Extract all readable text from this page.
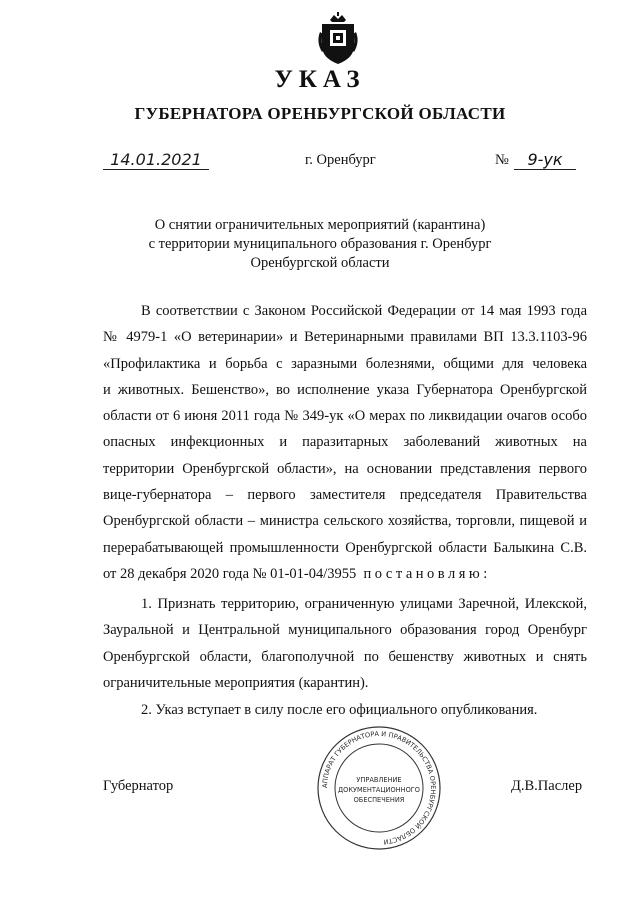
УКАЗ
ГУБЕРНАТОРА ОРЕНБУРГСКОЙ ОБЛАСТИ
14.01.2021	г. Оренбург	№	9-ук
О снятии ограничительных мероприятий (карантина)
с территории муниципального образования г. Оренбург
Оренбургской области
В соответствии с Законом Российской Федерации от 14 мая 1993 года
№ 4979-1 «О ветеринарии» и Ветеринарными правилами ВП 13.3.1103-96
«Профилактика и борьба с заразными болезнями, общими для человека
и животных. Бешенство», во исполнение указа Губернатора Оренбургской
области от 6 июня 2011 года № 349-ук «О мерах по ликвидации очагов особо
опасных инфекционных и паразитарных заболеваний животных на
территории Оренбургской области», на основании представления первого
вице-губернатора – первого заместителя председателя Правительства
Оренбургской области – министра сельского хозяйства, торговли, пищевой и
перерабатывающей промышленности Оренбургской области Балыкина С.В.
от 28 декабря 2020 года № 01-01-04/3955 постановляю:
1. Признать территорию, ограниченную улицами Заречной, Илекской,
Зауральной и Центральной муниципального образования город Оренбург
Оренбургской области, благополучной по бешенству животных и снять
ограничительные мероприятия (карантин).
2. Указ вступает в силу после его официального опубликования.
Губернатор	Д.В.Паслер
АППАРАТ ГУБЕРНАТОРА И ПРАВИТЕЛЬСТВА ОРЕНБУРГСКОЙ ОБЛАСТИ
УПРАВЛЕНИЕ
ДОКУМЕНТАЦИОННОГО
ОБЕСПЕЧЕНИЯ
